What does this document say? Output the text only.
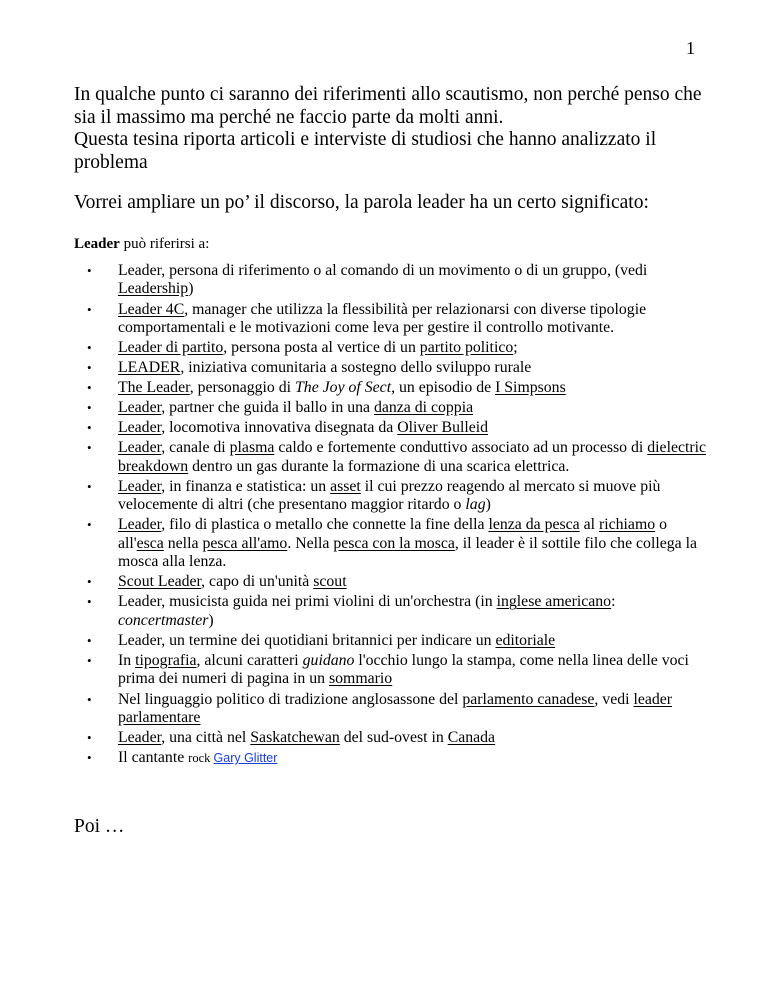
1

In qualche punto ci saranno dei riferimenti allo scautismo, non perché penso che sia il massimo ma perché ne faccio parte da molti anni.

Questa tesina riporta articoli e interviste di studiosi che hanno analizzato il problema

Vorrei ampliare un po’ il discorso, la parola leader ha un certo significato:
Leader può riferirsi a:
• Leader, persona di riferimento o al comando di un movimento o di un gruppo, (vedi Leadership)
• Leader 4C, manager che utilizza la flessibilità per relazionarsi con diverse tipologie comportamentali e le motivazioni come leva per gestire il controllo motivante.
• Leader di partito, persona posta al vertice di un partito politico;
• LEADER, iniziativa comunitaria a sostegno dello sviluppo rurale
• The Leader, personaggio di The Joy of Sect, un episodio de I Simpsons
• Leader, partner che guida il ballo in una danza di coppia
• Leader, locomotiva innovativa disegnata da Oliver Bulleid
• Leader, canale di plasma caldo e fortemente conduttivo associato ad un processo di dielectric breakdown dentro un gas durante la formazione di una scarica elettrica.
• Leader, in finanza e statistica: un asset il cui prezzo reagendo al mercato si muove più velocemente di altri (che presentano maggior ritardo o lag)
• Leader, filo di plastica o metallo che connette la fine della lenza da pesca al richiamo o all'esca nella pesca all'amo. Nella pesca con la mosca, il leader è il sottile filo che collega la mosca alla lenza.
• Scout Leader, capo di un'unità scout
• Leader, musicista guida nei primi violini di un'orchestra (in inglese americano: concertmaster)
• Leader, un termine dei quotidiani britannici per indicare un editoriale
• In tipografia, alcuni caratteri guidano l'occhio lungo la stampa, come nella linea delle voci prima dei numeri di pagina in un sommario
• Nel linguaggio politico di tradizione anglosassone del parlamento canadese, vedi leader parlamentare
• Leader, una città nel Saskatchewan del sud-ovest in Canada
• Il cantante rock Gary Glitter
Poi …
